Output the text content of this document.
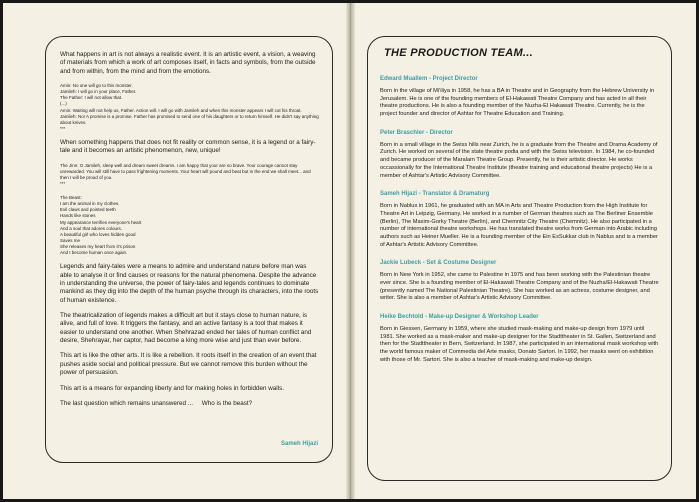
What happens in art is not always a realistic event. It is an artistic event, a vision, a weaving of materials from which a work of art composes itself, in facts and symbols, from the outside and from within, from the mind and from the emotions.

Amin: No one will go to this monster.

Jamileh: I will go in your place, Father.

The Father: I will not allow that.

(...)

Amin: Waiting will not help us, Father. Action will. I will go with Jamileh and when this monster appears I will cut his throat.

Jamileh: No! A promise is a promise. Father has promised to send one of his daughters or to return himself. He didn't say anything about knives.

***

When something happens that does not fit reality or common sense, it is a legend or a fairy-tale and it becomes an artistic phenomenon, new, unique!

The Jinn: O Jamileh, sleep well and dream sweet dreams. I am happy that your are so brave. Your courage cannot stay unrewarded. You will still have to pass frightening moments. Your heart will pound and beat but in the end we shall meet... and then I will be proud of you.

***

The Beast:

I am the animal in my clothes.

Evil claws and pointed teeth

Hands like stones

My appearance terrifies everyone's heart

And a soul that adores colours.

A beautiful girl who loves hidden good

Saves me

She releases my heart from it's prison

And I become human once again.

Legends and fairy-tales were a means to admire and understand nature before man was able to analyse it or find causes or reasons for the natural phenomena. Despite the advance in understanding the universe, the power of fairy-tales and legends continues to dominate mankind as they dig into the depth of the human psyche through its characters, into the roots of human existence.

The theatricalization of legends makes a difficult art but it stays close to human nature, is alive, and full of love. It triggers the fantasy, and an active fantasy is a tool that makes it easier to understand one another. When Shehrazad ended her tales of human conflict and desire, Shehrayar, her captor, had become a king more wise and just than ever before.

This art is like the other arts. It is like a rebellion. It roots itself in the creation of an event that pushes aside social and political pressure. But we cannot remove this burden without the power of persuasion.

This art is a means for expanding liberty and for making holes in forbidden walls.

The last question which remains unanswered ...     Who is the beast?

Sameh Hijazi
THE PRODUCTION TEAM...
Edward Muallem - Project Director

Born in the village of Mi'iliya in 1958, he has a BA in Theatre and in Geography from the Hebrew University in Jerusalem. He is one of the founding members of El-Hakawati Theatre Company and has acted in all their theatre productions. He is also a founding member of the Nuzha-El Hakawati Theatre. Currently, he is the project founder and director of Ashtar for Theatre Education and Training.

Peter Braschler - Director

Born in a small village in the Swiss hills near Zurich, he is a graduate from the Theatre and Drama Academy of Zurich. He worked on several of the state theatre podia and with the Swiss television. In 1984, he co-founded and became producer of the Maralam Theatre Group. Presently, he is their artistic director. He works occassionally for the International Theatre Institute (theatre training and educational theatre projects) He is a member of Ashtar's Artistic Advisory Committee.

Sameh Hijazi - Translator & Dramaturg

Born in Nablus in 1961, he graduated with an MA in Arts and Theatre Production from the High Institute for Theatre Art in Leipzig, Germany. He worked in a number of German theatres such as The Berliner Ensemble (Berlin), The Maxim-Gorky Theatre (Berlin), and Chemnitz City Theatre (Chemnitz). He also participated in a number of international theatre workshops. He has translated theatre works from German into Arabic including authors such as Heiner Mueller. He is a founding member of the Ein EsSukkar club in Nablus and is a member of Ashtar's Artistic Advisory Committee.

Jackie Lubeck - Set & Costume Designer

Born in New York in 1952, she came to Palestine in 1975 and has been working with the Palestinian theatre ever since. She is a founding member of El-Hakawati Theatre Company and of the Nuzha/El-Hakawati Theatre (presently named The National Palestinian Theatre). She has worked as an actress, costume designer, and writer. She is also a member of Ashtar's Artistic Advisory Committee.

Heike Bechtold - Make-up Designer & Workshop Leader

Born in Giessen, Germany in 1959, where she studied mask-making and make-up design from 1979 until 1981. She worked as a mask-maker and make-up designer for the Stadttheater in St. Gallen, Switzerland and then for the Stadttheater in Bern, Switzerland. In 1987, she participated in an international mask workshop with the world famous maker of Commedia del Arte masks, Donato Sartori. In 1992, her masks went on exhibition with those of Mr. Sartori. She is also a teacher of mask-making and make-up design.
